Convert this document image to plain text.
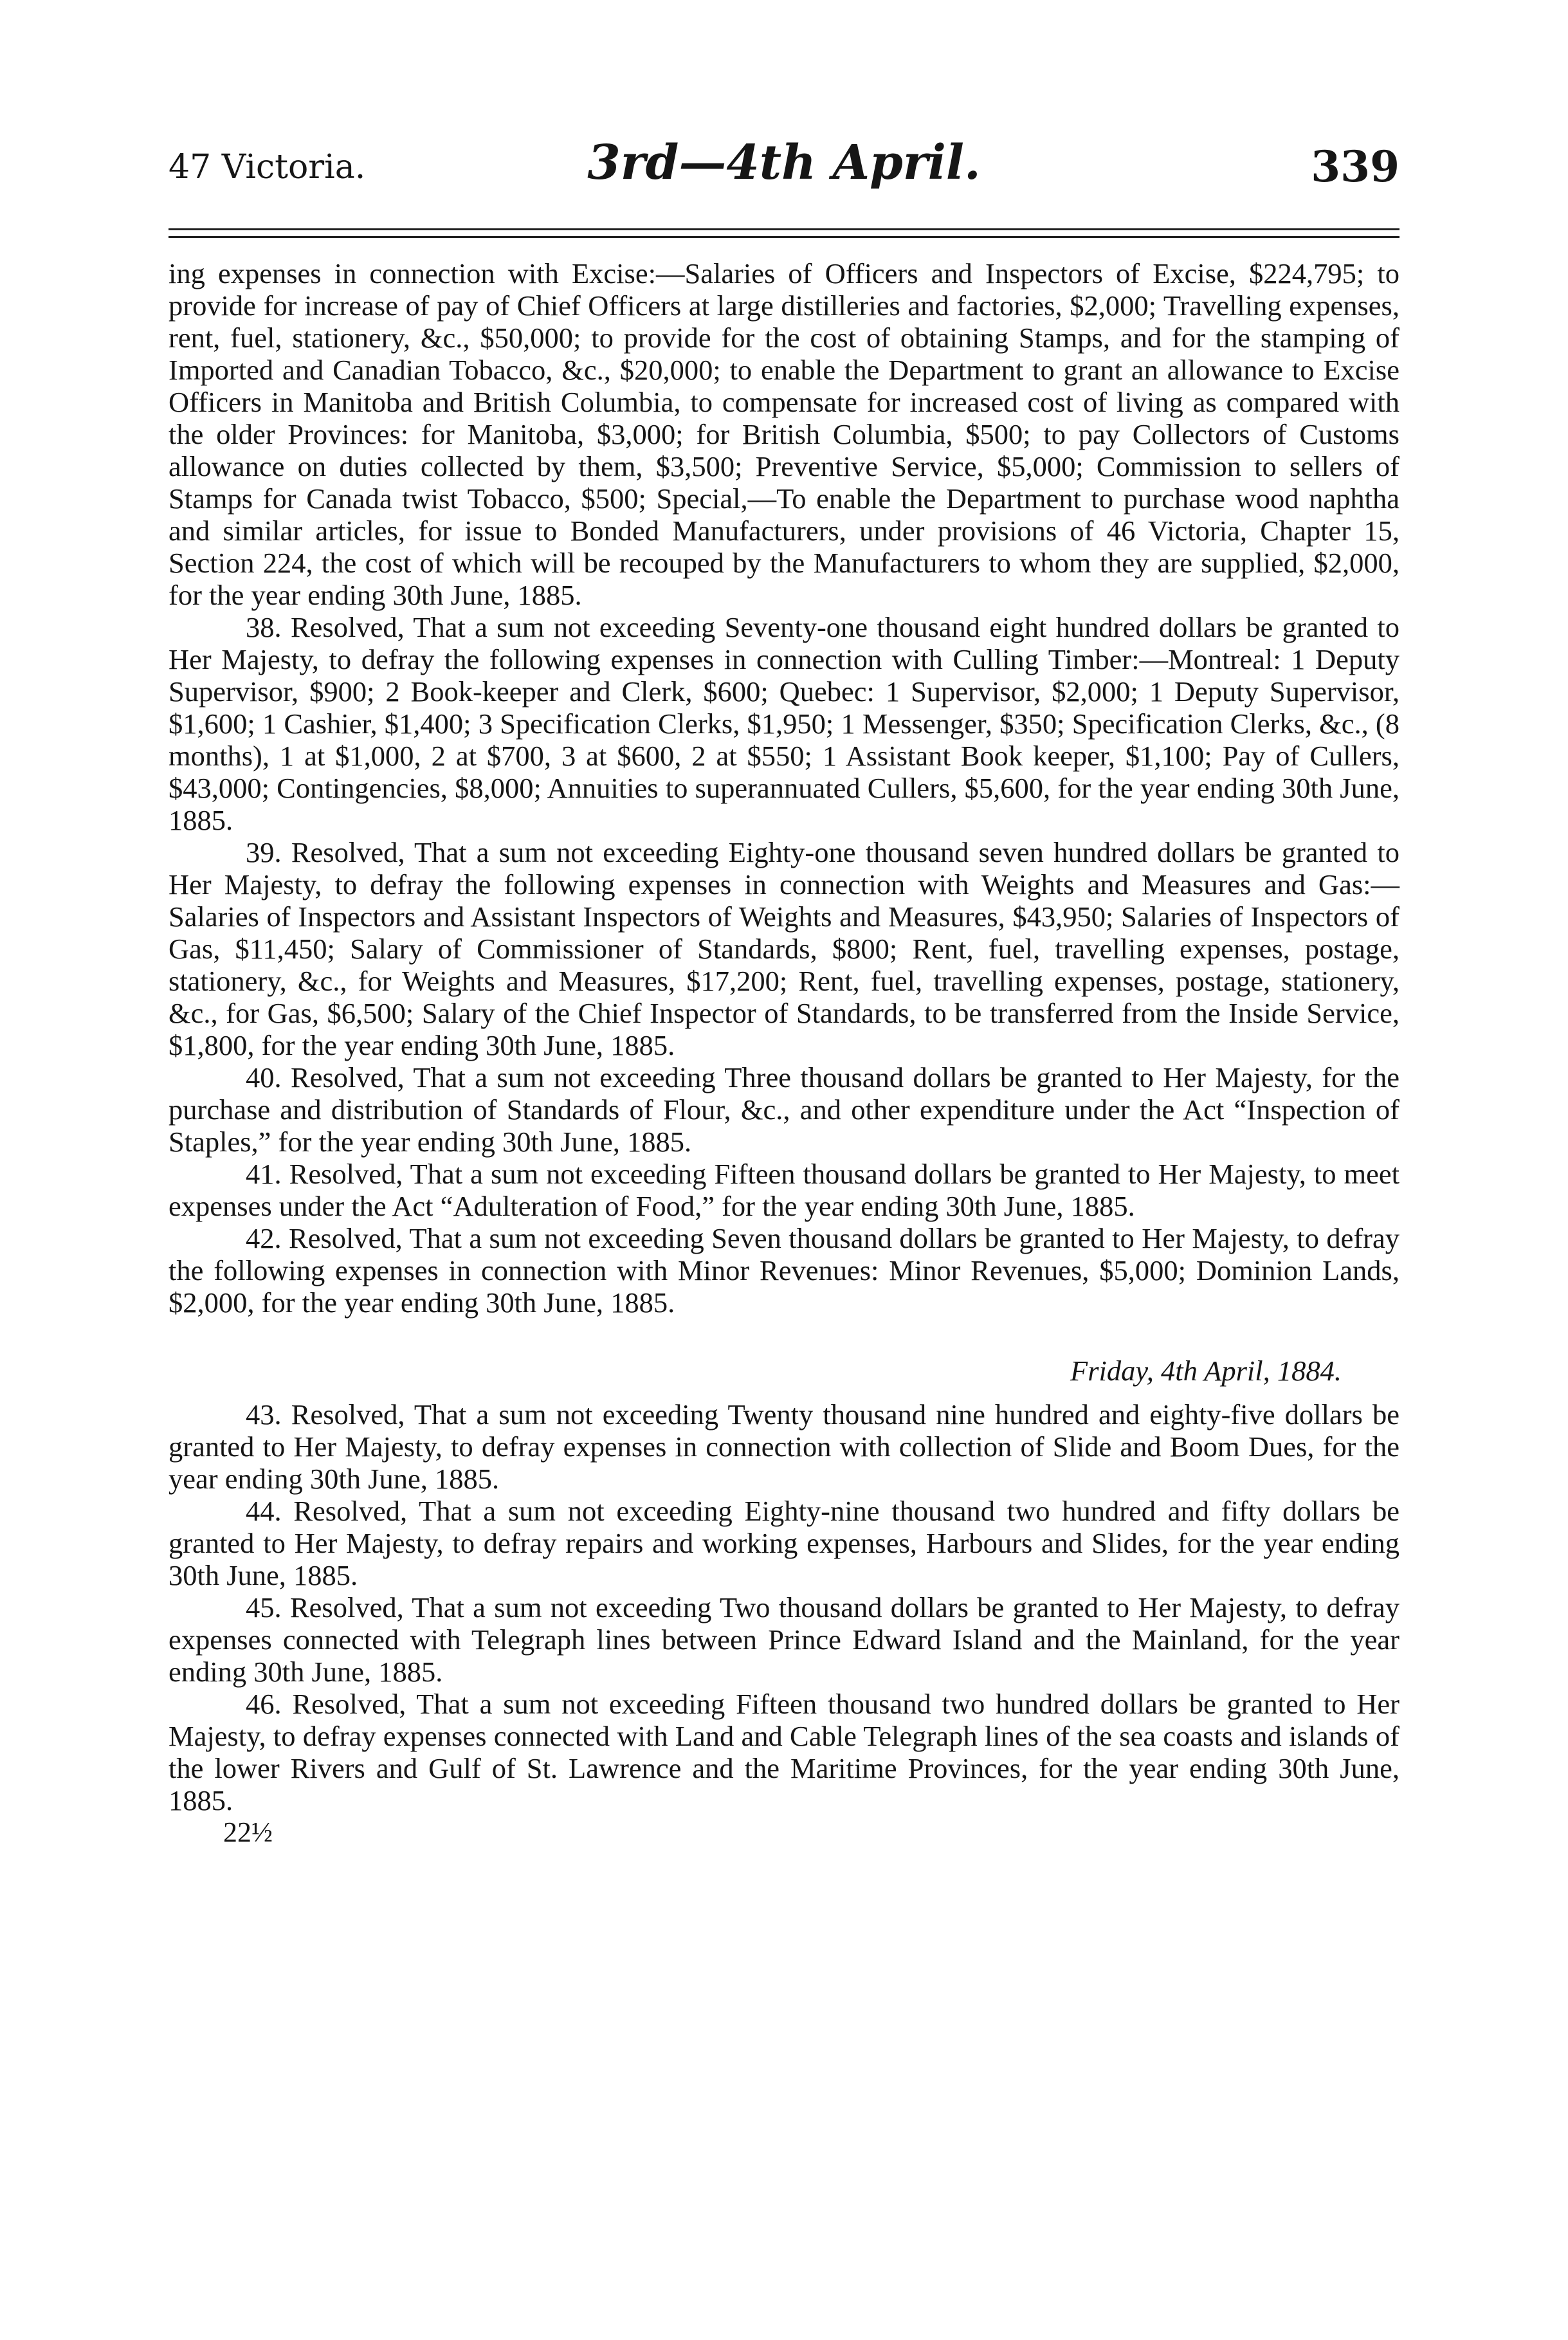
47 Victoria.	3rd—4th April.	339

ing expenses in connection with Excise:—Salaries of Officers and Inspectors of Excise, $224,795; to provide for increase of pay of Chief Officers at large distilleries and factories, $2,000; Travelling expenses, rent, fuel, stationery, &c., $50,000; to provide for the cost of obtaining Stamps, and for the stamping of Imported and Canadian Tobacco, &c., $20,000; to enable the Department to grant an allowance to Excise Officers in Manitoba and British Columbia, to compensate for increased cost of living as compared with the older Provinces: for Manitoba, $3,000; for British Columbia, $500; to pay Collectors of Customs allowance on duties collected by them, $3,500; Preventive Service, $5,000; Commission to sellers of Stamps for Canada twist Tobacco, $500; Special,—To enable the Department to purchase wood naphtha and similar articles, for issue to Bonded Manufacturers, under provisions of 46 Victoria, Chapter 15, Section 224, the cost of which will be recouped by the Manufacturers to whom they are supplied, $2,000, for the year ending 30th June, 1885.

38. Resolved, That a sum not exceeding Seventy-one thousand eight hundred dollars be granted to Her Majesty, to defray the following expenses in connection with Culling Timber:—Montreal: 1 Deputy Supervisor, $900; 2 Book-keeper and Clerk, $600; Quebec: 1 Supervisor, $2,000; 1 Deputy Supervisor, $1,600; 1 Cashier, $1,400; 3 Specification Clerks, $1,950; 1 Messenger, $350; Specification Clerks, &c., (8 months), 1 at $1,000, 2 at $700, 3 at $600, 2 at $550; 1 Assistant Book keeper, $1,100; Pay of Cullers, $43,000; Contingencies, $8,000; Annuities to superannuated Cullers, $5,600, for the year ending 30th June, 1885.

39. Resolved, That a sum not exceeding Eighty-one thousand seven hundred dollars be granted to Her Majesty, to defray the following expenses in connection with Weights and Measures and Gas:—Salaries of Inspectors and Assistant Inspectors of Weights and Measures, $43,950; Salaries of Inspectors of Gas, $11,450; Salary of Commissioner of Standards, $800; Rent, fuel, travelling expenses, postage, stationery, &c., for Weights and Measures, $17,200; Rent, fuel, travelling expenses, postage, stationery, &c., for Gas, $6,500; Salary of the Chief Inspector of Standards, to be transferred from the Inside Service, $1,800, for the year ending 30th June, 1885.

40. Resolved, That a sum not exceeding Three thousand dollars be granted to Her Majesty, for the purchase and distribution of Standards of Flour, &c., and other expenditure under the Act “Inspection of Staples,” for the year ending 30th June, 1885.

41. Resolved, That a sum not exceeding Fifteen thousand dollars be granted to Her Majesty, to meet expenses under the Act “Adulteration of Food,” for the year ending 30th June, 1885.

42. Resolved, That a sum not exceeding Seven thousand dollars be granted to Her Majesty, to defray the following expenses in connection with Minor Revenues: Minor Revenues, $5,000; Dominion Lands, $2,000, for the year ending 30th June, 1885.

Friday, 4th April, 1884.

43. Resolved, That a sum not exceeding Twenty thousand nine hundred and eighty-five dollars be granted to Her Majesty, to defray expenses in connection with collection of Slide and Boom Dues, for the year ending 30th June, 1885.

44. Resolved, That a sum not exceeding Eighty-nine thousand two hundred and fifty dollars be granted to Her Majesty, to defray repairs and working expenses, Harbours and Slides, for the year ending 30th June, 1885.

45. Resolved, That a sum not exceeding Two thousand dollars be granted to Her Majesty, to defray expenses connected with Telegraph lines between Prince Edward Island and the Mainland, for the year ending 30th June, 1885.

46. Resolved, That a sum not exceeding Fifteen thousand two hundred dollars be granted to Her Majesty, to defray expenses connected with Land and Cable Telegraph lines of the sea coasts and islands of the lower Rivers and Gulf of St. Lawrence and the Maritime Provinces, for the year ending 30th June, 1885.

22½
